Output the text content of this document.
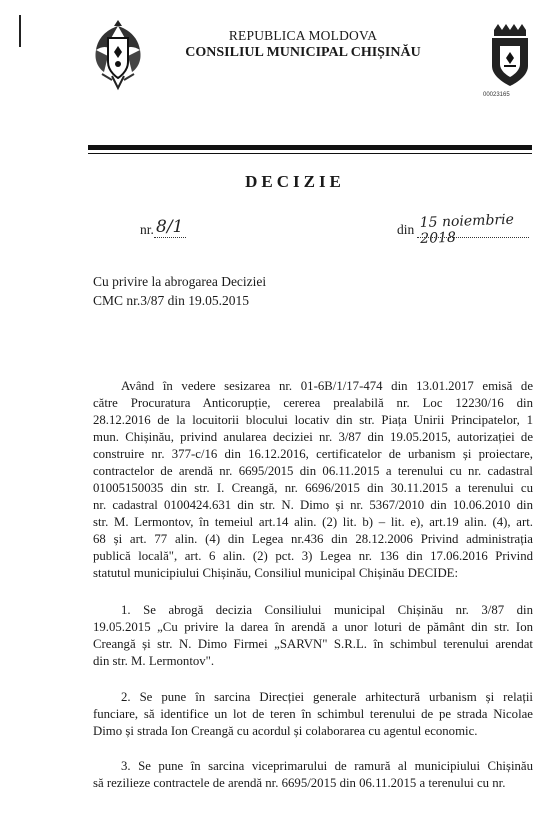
REPUBLICA MOLDOVA
CONSILIUL MUNICIPAL CHIȘINĂU
00023165
DECIZIE
nr. 8/1	din 15 noiembrie 2018
Cu privire la abrogarea Deciziei
CMC nr.3/87 din 19.05.2015
Având în vedere sesizarea nr. 01-6B/1/17-474 din 13.01.2017 emisă de
către Procuratura Anticorupție, cererea prealabilă nr. Loc 12230/16 din
28.12.2016 de la locuitorii blocului locativ din str. Piața Unirii Principatelor, 1
mun. Chișinău, privind anularea deciziei nr. 3/87 din 19.05.2015, autorizației de
construire nr. 377-c/16 din 16.12.2016, certificatelor de urbanism și proiectare,
contractelor de arendă nr. 6695/2015 din 06.11.2015 a terenului cu nr. cadastral
01005150035 din str. I. Creangă, nr. 6696/2015 din 30.11.2015 a terenului cu
nr. cadastral 0100424.631 din str. N. Dimo și nr. 5367/2010 din 10.06.2010 din
str. M. Lermontov, în temeiul art.14 alin. (2) lit. b) – lit. e), art.19 alin. (4), art.
68 și art. 77 alin. (4) din Legea nr.436 din 28.12.2006 Privind administrația
publică locală", art. 6 alin. (2) pct. 3) Legea nr. 136 din 17.06.2016 Privind
statutul municipiului Chișinău, Consiliul municipal Chișinău DECIDE:
1. Se abrogă decizia Consiliului municipal Chișinău nr. 3/87 din
19.05.2015 „Cu privire la darea în arendă a unor loturi de pământ din str. Ion
Creangă și str. N. Dimo Firmei „SARVN" S.R.L. în schimbul terenului arendat
din str. M. Lermontov".
2. Se pune în sarcina Direcției generale arhitectură urbanism și relații
funciare, să identifice un lot de teren în schimbul terenului de pe strada Nicolae
Dimo și strada Ion Creangă cu acordul și colaborarea cu agentul economic.
3. Se pune în sarcina viceprimarului de ramură al municipiului Chișinău
să rezilieze contractele de arendă nr. 6695/2015 din 06.11.2015 a terenului cu nr.
